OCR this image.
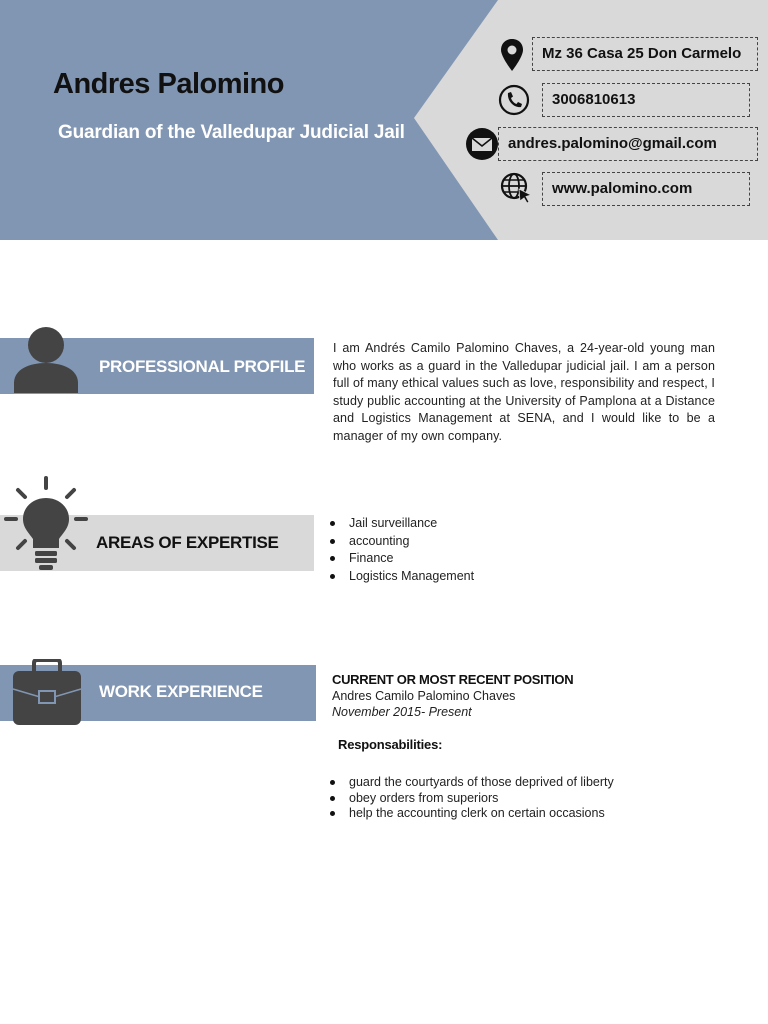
Andres Palomino
Guardian of the Valledupar Judicial Jail
Mz 36 Casa 25 Don Carmelo
3006810613
andres.palomino@gmail.com
www.palomino.com
PROFESSIONAL PROFILE
I am Andrés Camilo Palomino Chaves, a 24-year-old young man who works as a guard in the Valledupar judicial jail. I am a person full of many ethical values such as love, responsibility and respect, I study public accounting at the University of Pamplona at a Distance and Logistics Management at SENA, and I would like to be a manager of my own company.
AREAS OF EXPERTISE
Jail surveillance
accounting
Finance
Logistics Management
WORK EXPERIENCE
CURRENT OR MOST RECENT POSITION
Andres Camilo Palomino Chaves
November 2015- Present
Responsabilities:
guard the courtyards of those deprived of liberty
obey orders from superiors
help the accounting clerk on certain occasions
